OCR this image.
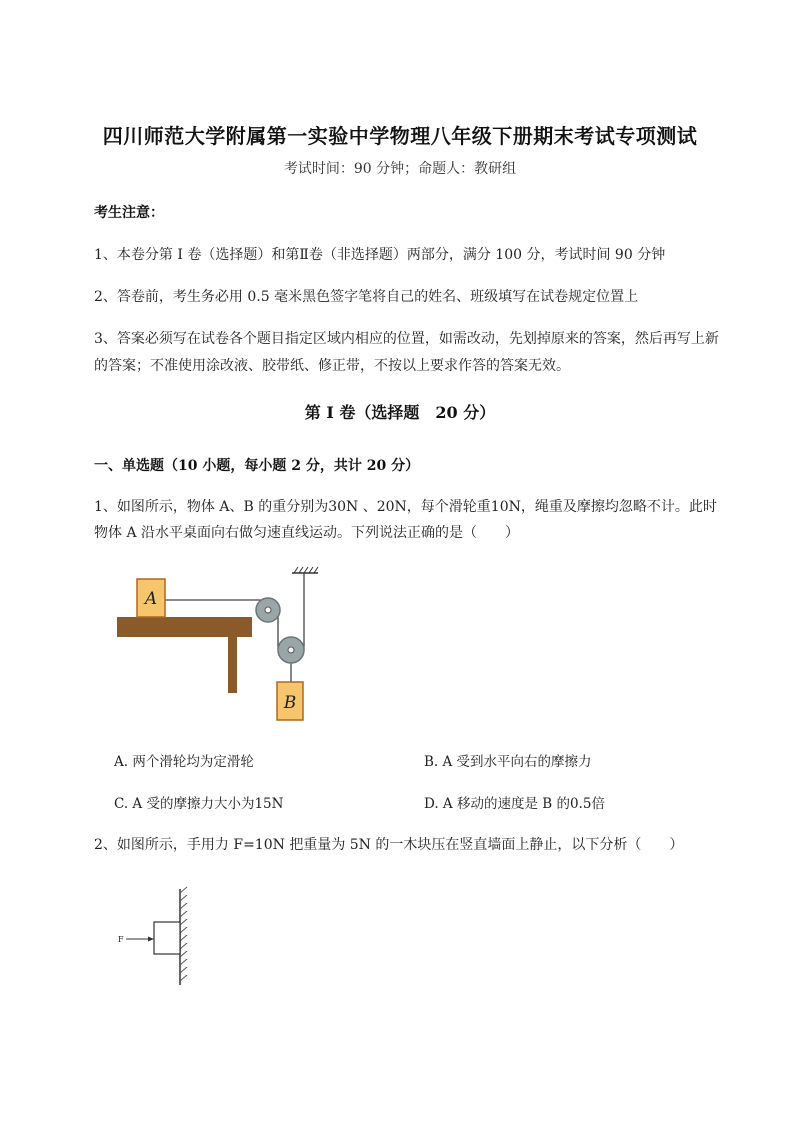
四川师范大学附属第一实验中学物理八年级下册期末考试专项测试
考试时间：90 分钟；命题人：教研组
考生注意：
1、本卷分第 I 卷（选择题）和第Ⅱ卷（非选择题）两部分，满分 100 分，考试时间 90 分钟
2、答卷前，考生务必用 0.5 毫米黑色签字笔将自己的姓名、班级填写在试卷规定位置上
3、答案必须写在试卷各个题目指定区域内相应的位置，如需改动，先划掉原来的答案，然后再写上新
的答案；不准使用涂改液、胶带纸、修正带，不按以上要求作答的答案无效。
第 I 卷（选择题　20 分）
一、单选题（10 小题，每小题 2 分，共计 20 分）
1、如图所示，物体 A、B 的重分别为30N 、20N，每个滑轮重10N，绳重及摩擦均忽略不计。此时
物体 A 沿水平桌面向右做匀速直线运动。下列说法正确的是（　　）
A
B
A. 两个滑轮均为定滑轮	B. A 受到水平向右的摩擦力
C. A 受的摩擦力大小为15N	D. A 移动的速度是 B 的0.5倍
2、如图所示，手用力 F=10N 把重量为 5N 的一木块压在竖直墙面上静止，以下分析（　　）
F
